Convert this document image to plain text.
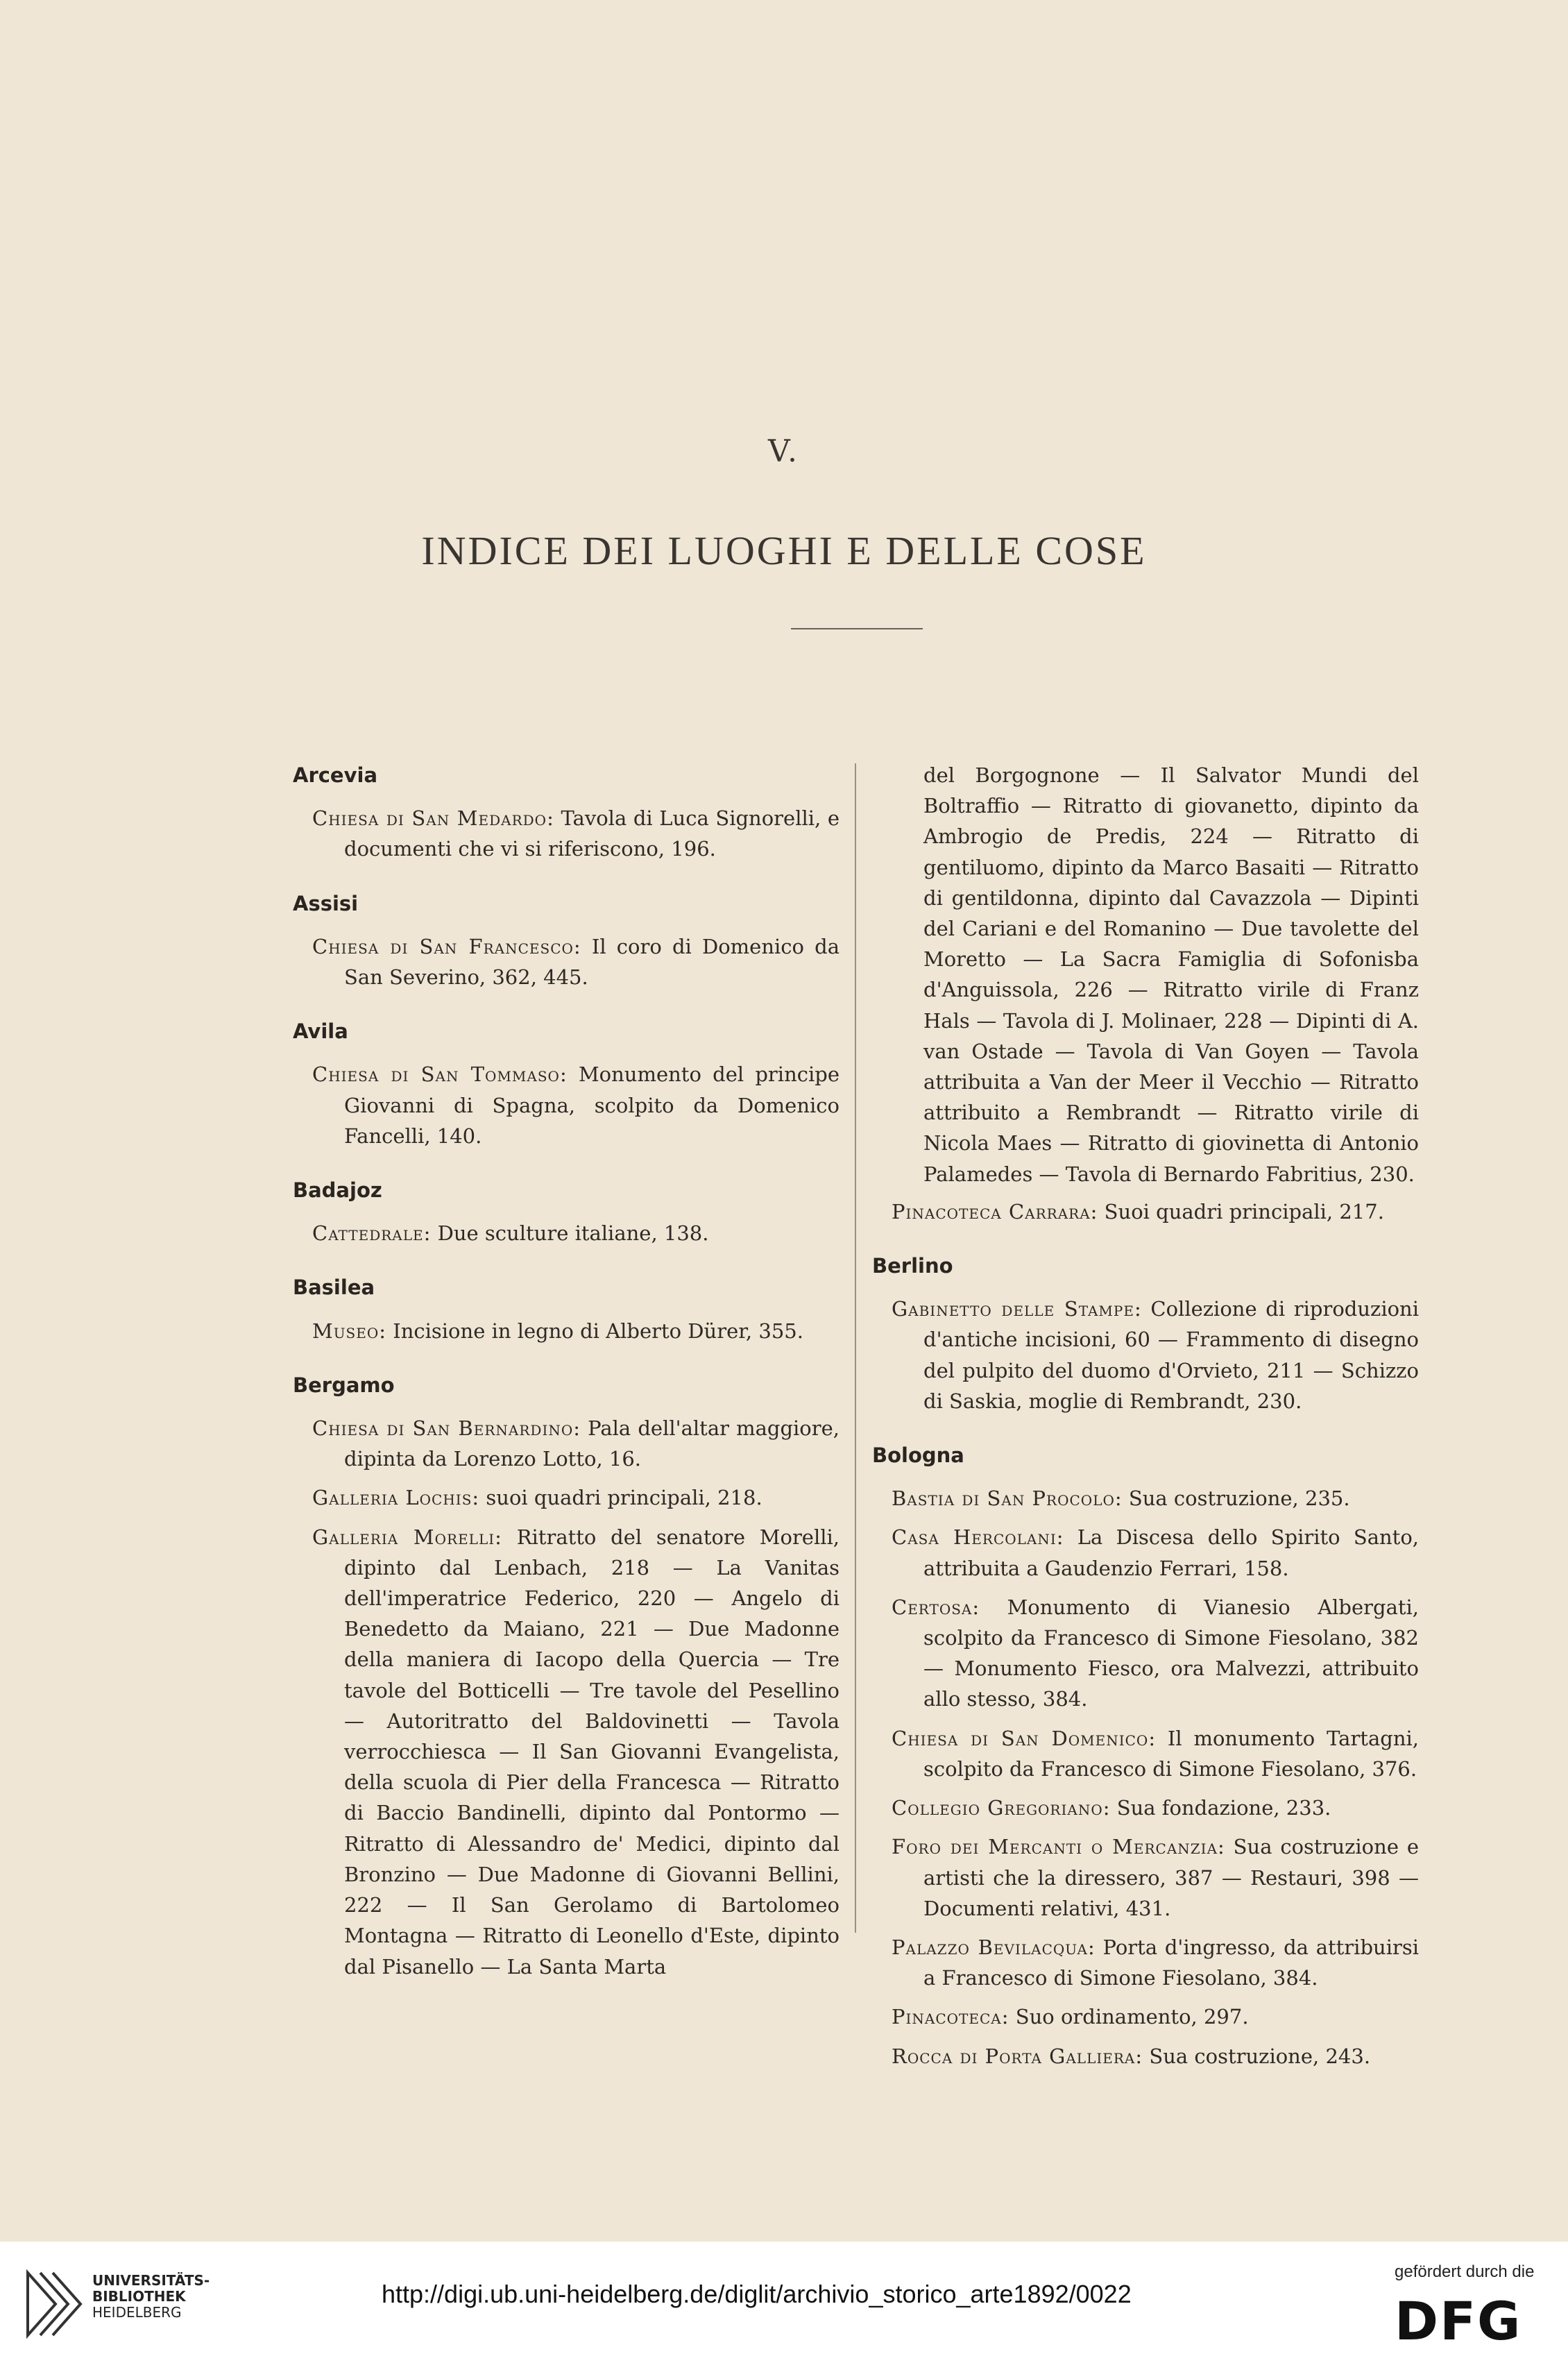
V.
INDICE DEI LUOGHI E DELLE COSE
Arcevia
Chiesa di San Medardo: Tavola di Luca Signorelli, e documenti che vi si riferiscono, 196.
Assisi
Chiesa di San Francesco: Il coro di Domenico da San Severino, 362, 445.
Avila
Chiesa di San Tommaso: Monumento del principe Giovanni di Spagna, scolpito da Domenico Fancelli, 140.
Badajoz
Cattedrale: Due sculture italiane, 138.
Basilea
Museo: Incisione in legno di Alberto Dürer, 355.
Bergamo
Chiesa di San Bernardino: Pala dell'altar maggiore, dipinta da Lorenzo Lotto, 16.
Galleria Lochis: suoi quadri principali, 218.
Galleria Morelli: Ritratto del senatore Morelli, dipinto dal Lenbach, 218 — La Vanitas dell'imperatrice Federico, 220 — Angelo di Benedetto da Maiano, 221 — Due Madonne della maniera di Iacopo della Quercia — Tre tavole del Botticelli — Tre tavole del Pesellino — Autoritratto del Baldovinetti — Tavola verrocchiesca — Il San Giovanni Evangelista, della scuola di Pier della Francesca — Ritratto di Baccio Bandinelli, dipinto dal Pontormo — Ritratto di Alessandro de' Medici, dipinto dal Bronzino — Due Madonne di Giovanni Bellini, 222 — Il San Gerolamo di Bartolomeo Montagna — Ritratto di Leonello d'Este, dipinto dal Pisanello — La Santa Marta
del Borgognone — Il Salvator Mundi del Boltraffio — Ritratto di giovanetto, dipinto da Ambrogio de Predis, 224 — Ritratto di gentiluomo, dipinto da Marco Basaiti — Ritratto di gentildonna, dipinto dal Cavazzola — Dipinti del Cariani e del Romanino — Due tavolette del Moretto — La Sacra Famiglia di Sofonisba d'Anguissola, 226 — Ritratto virile di Franz Hals — Tavola di J. Molinaer, 228 — Dipinti di A. van Ostade — Tavola di Van Goyen — Tavola attribuita a Van der Meer il Vecchio — Ritratto attribuito a Rembrandt — Ritratto virile di Nicola Maes — Ritratto di giovinetta di Antonio Palamedes — Tavola di Bernardo Fabritius, 230.
Pinacoteca Carrara: Suoi quadri principali, 217.
Berlino
Gabinetto delle Stampe: Collezione di riproduzioni d'antiche incisioni, 60 — Frammento di disegno del pulpito del duomo d'Orvieto, 211 — Schizzo di Saskia, moglie di Rembrandt, 230.
Bologna
Bastia di San Procolo: Sua costruzione, 235.
Casa Hercolani: La Discesa dello Spirito Santo, attribuita a Gaudenzio Ferrari, 158.
Certosa: Monumento di Vianesio Albergati, scolpito da Francesco di Simone Fiesolano, 382 — Monumento Fiesco, ora Malvezzi, attribuito allo stesso, 384.
Chiesa di San Domenico: Il monumento Tartagni, scolpito da Francesco di Simone Fiesolano, 376.
Collegio Gregoriano: Sua fondazione, 233.
Foro dei Mercanti o Mercanzia: Sua costruzione e artisti che la diressero, 387 — Restauri, 398 — Documenti relativi, 431.
Palazzo Bevilacqua: Porta d'ingresso, da attribuirsi a Francesco di Simone Fiesolano, 384.
Pinacoteca: Suo ordinamento, 297.
Rocca di Porta Galliera: Sua costruzione, 243.
UNIVERSITÄTS-
BIBLIOTHEK
HEIDELBERG
http://digi.ub.uni-heidelberg.de/diglit/archivio_storico_arte1892/0022
gefördert durch die
DFG
